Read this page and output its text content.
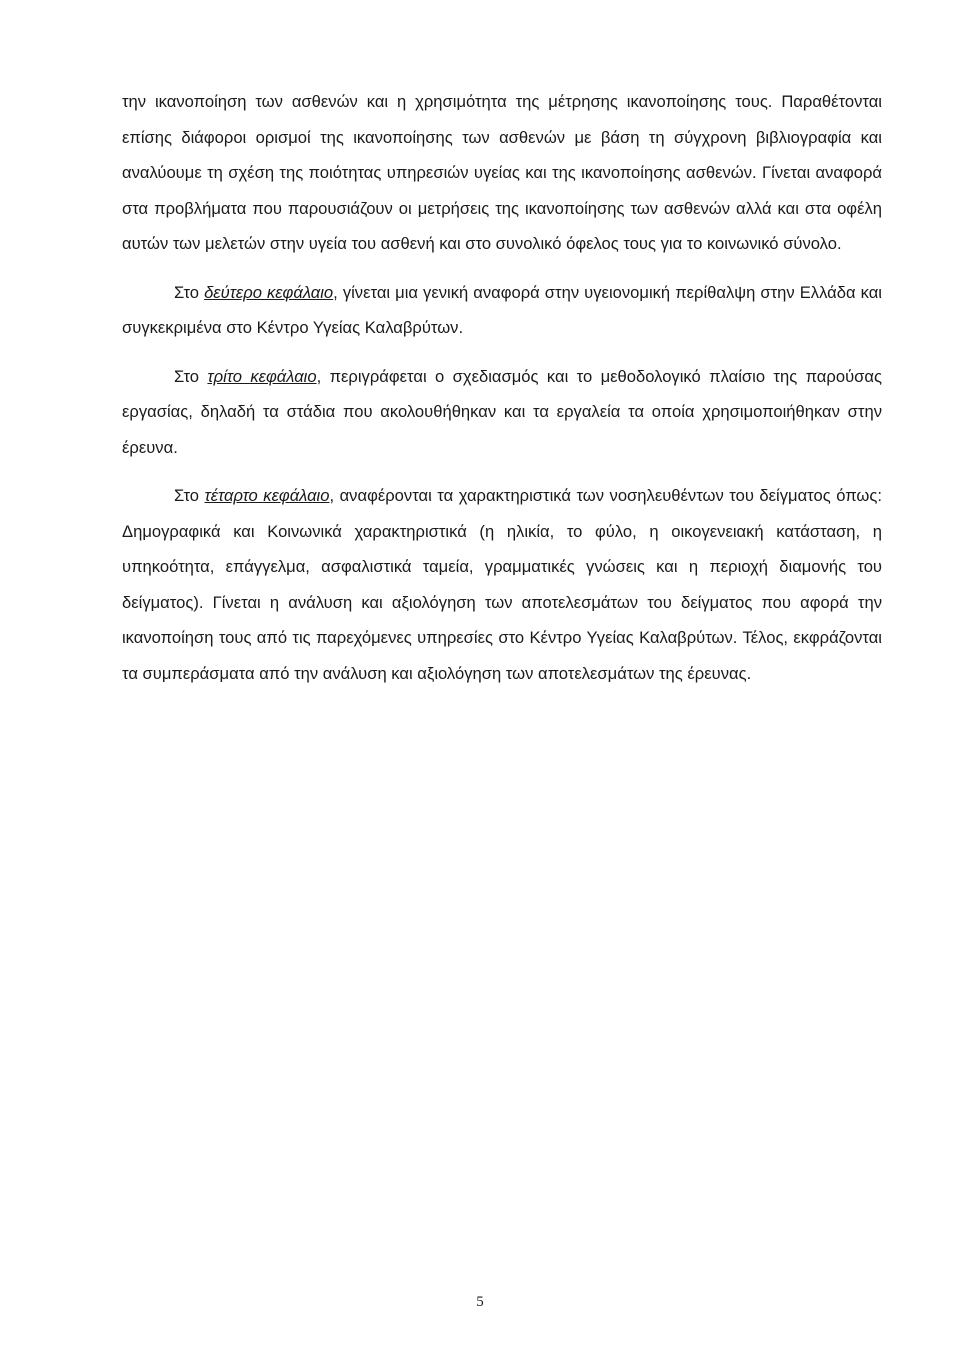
την ικανοποίηση των ασθενών και η χρησιμότητα της μέτρησης ικανοποίησης τους. Παραθέτονται επίσης διάφοροι ορισμοί της ικανοποίησης των ασθενών με βάση τη σύγχρονη βιβλιογραφία και αναλύουμε τη σχέση της ποιότητας υπηρεσιών υγείας και της ικανοποίησης ασθενών. Γίνεται αναφορά στα προβλήματα που παρουσιάζουν οι μετρήσεις της ικανοποίησης των ασθενών αλλά και στα οφέλη αυτών των μελετών στην υγεία του ασθενή και στο συνολικό όφελος τους για το κοινωνικό σύνολο.

Στο δεύτερο κεφάλαιο, γίνεται μια γενική αναφορά στην υγειονομική περίθαλψη στην Ελλάδα και συγκεκριμένα στο Κέντρο Υγείας Καλαβρύτων.

Στο τρίτο κεφάλαιο, περιγράφεται ο σχεδιασμός και το μεθοδολογικό πλαίσιο της παρούσας εργασίας, δηλαδή τα στάδια που ακολουθήθηκαν και τα εργαλεία τα οποία χρησιμοποιήθηκαν στην έρευνα.

Στο τέταρτο κεφάλαιο, αναφέρονται τα χαρακτηριστικά των νοσηλευθέντων του δείγματος όπως: Δημογραφικά και Κοινωνικά χαρακτηριστικά (η ηλικία, το φύλο, η οικογενειακή κατάσταση, η υπηκοότητα, επάγγελμα, ασφαλιστικά ταμεία, γραμματικές γνώσεις και η περιοχή διαμονής του δείγματος). Γίνεται η ανάλυση και αξιολόγηση των αποτελεσμάτων του δείγματος που αφορά την ικανοποίηση τους από τις παρεχόμενες υπηρεσίες στο Κέντρο Υγείας Καλαβρύτων. Τέλος, εκφράζονται τα συμπεράσματα από την ανάλυση και αξιολόγηση των αποτελεσμάτων της έρευνας.

5
